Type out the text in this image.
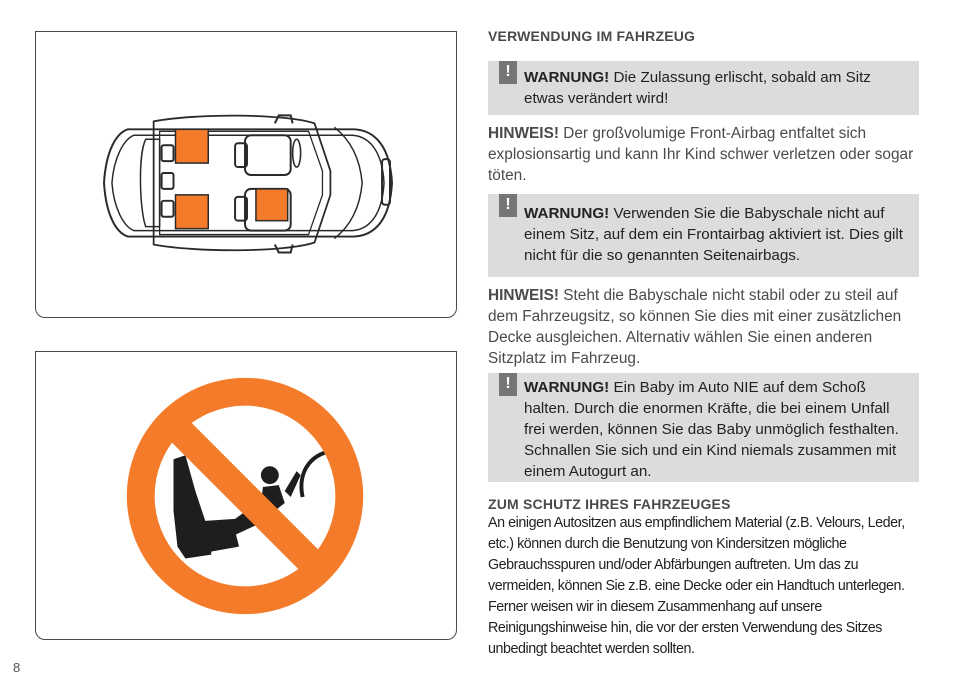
VERWENDUNG IM FAHRZEUG
! WARNUNG! Die Zulassung erlischt, sobald am Sitz etwas verändert wird!
HINWEIS! Der großvolumige Front-Airbag entfaltet sich explosionsartig und kann Ihr Kind schwer verletzen oder sogar töten.
!
WARNUNG! Verwenden Sie die Babyschale nicht auf einem Sitz, auf dem ein Frontairbag aktiviert ist. Dies gilt nicht für die so genannten Seitenairbags.
HINWEIS! Steht die Babyschale nicht stabil oder zu steil auf dem Fahrzeugsitz, so können Sie dies mit einer zusätzlichen Decke ausgleichen. Alternativ wählen Sie einen anderen Sitzplatz im Fahrzeug.
! WARNUNG! Ein Baby im Auto NIE auf dem Schoß halten. Durch die enormen Kräfte, die bei einem Unfall frei werden, können Sie das Baby unmöglich festhalten. Schnallen Sie sich und ein Kind niemals zusammen mit einem Autogurt an.
ZUM SCHUTZ IHRES FAHRZEUGES
An einigen Autositzen aus empfindlichem Material (z.B. Velours, Leder, etc.) können durch die Benutzung von Kindersitzen mögliche Gebrauchsspuren und/oder Abfärbungen auftreten. Um das zu vermeiden, können Sie z.B. eine Decke oder ein Handtuch unterlegen. Ferner weisen wir in diesem Zusammenhang auf unsere Reinigungshinweise hin, die vor der ersten Verwendung des Sitzes unbedingt beachtet werden sollten.
8
